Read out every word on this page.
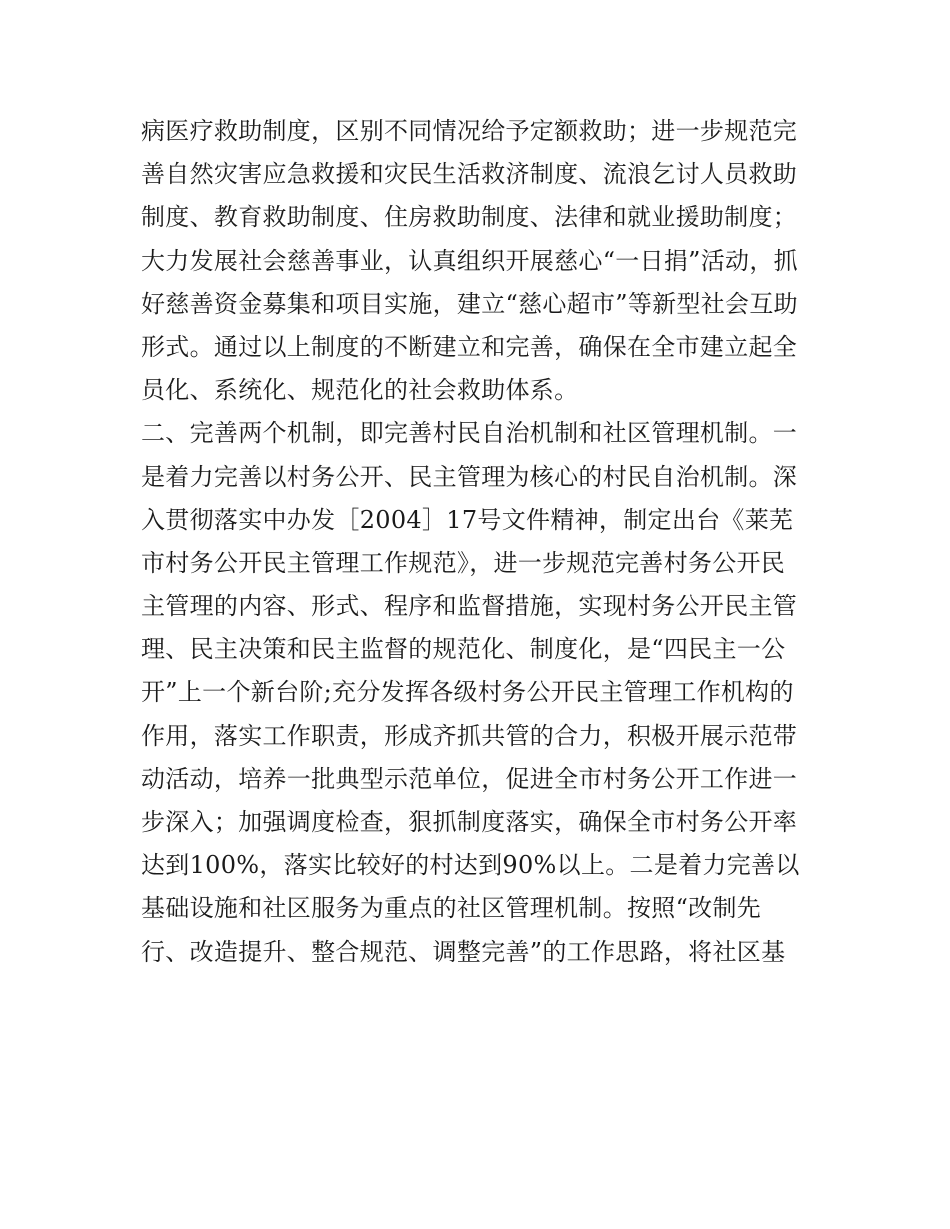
病医疗救助制度，区别不同情况给予定额救助；进一步规范完
善自然灾害应急救援和灾民生活救济制度、流浪乞讨人员救助
制度、教育救助制度、住房救助制度、法律和就业援助制度；
大力发展社会慈善事业，认真组织开展慈心“一日捐”活动，抓
好慈善资金募集和项目实施，建立“慈心超市”等新型社会互助
形式。通过以上制度的不断建立和完善，确保在全市建立起全
员化、系统化、规范化的社会救助体系。
二、完善两个机制，即完善村民自治机制和社区管理机制。一
是着力完善以村务公开、民主管理为核心的村民自治机制。深
入贯彻落实中办发［2004］17号文件精神，制定出台《莱芜
市村务公开民主管理工作规范》，进一步规范完善村务公开民
主管理的内容、形式、程序和监督措施，实现村务公开民主管
理、民主决策和民主监督的规范化、制度化，是“四民主一公
开”上一个新台阶;充分发挥各级村务公开民主管理工作机构的
作用，落实工作职责，形成齐抓共管的合力，积极开展示范带
动活动，培养一批典型示范单位，促进全市村务公开工作进一
步深入；加强调度检查，狠抓制度落实，确保全市村务公开率
达到100%，落实比较好的村达到90%以上。二是着力完善以
基础设施和社区服务为重点的社区管理机制。按照“改制先
行、改造提升、整合规范、调整完善”的工作思路，将社区基
